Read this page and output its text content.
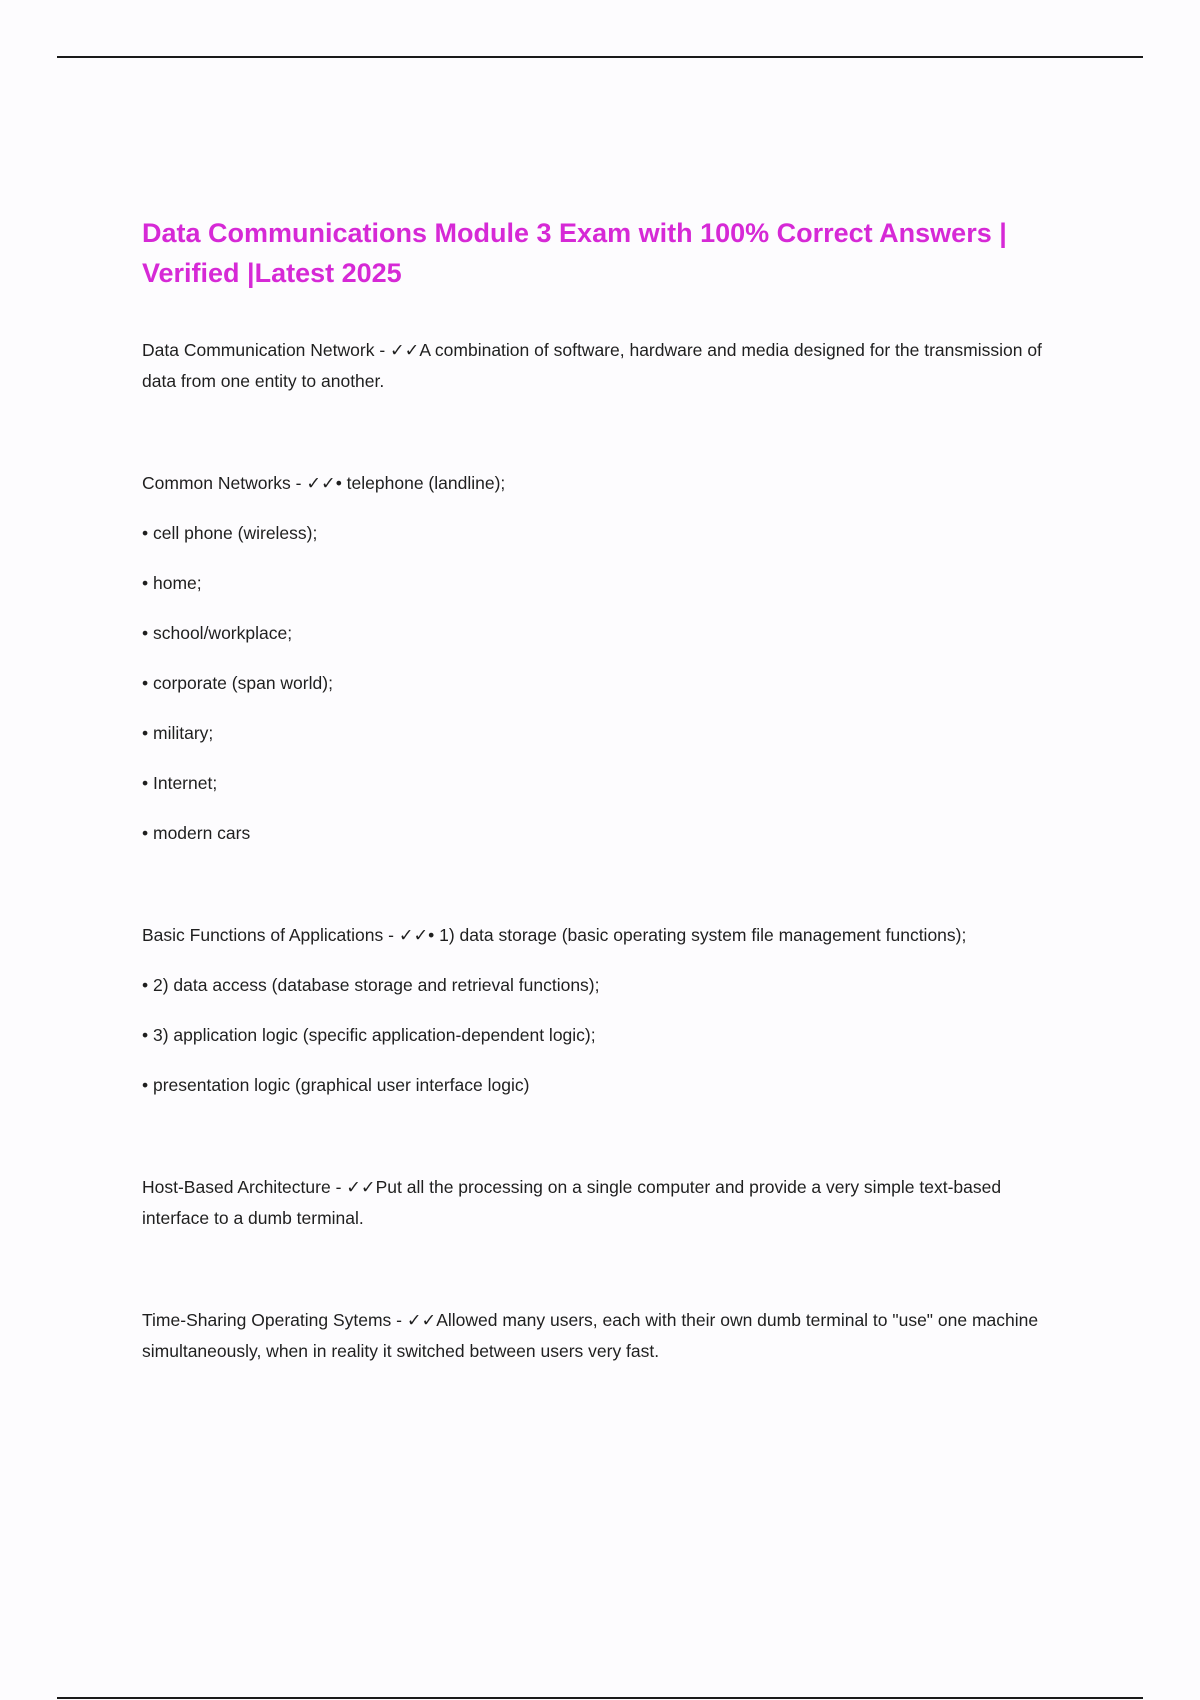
Data Communications Module 3 Exam with 100% Correct Answers |
Verified |Latest 2025

Data Communication Network - ✓✓A combination of software, hardware and media designed for the transmission of data from one entity to another.

Common Networks - ✓✓• telephone (landline);

• cell phone (wireless);

• home;

• school/workplace;

• corporate (span world);

• military;

• Internet;

• modern cars

Basic Functions of Applications - ✓✓• 1) data storage (basic operating system file management functions);

• 2) data access (database storage and retrieval functions);

• 3) application logic (specific application-dependent logic);

• presentation logic (graphical user interface logic)

Host-Based Architecture - ✓✓Put all the processing on a single computer and provide a very simple text-based interface to a dumb terminal.

Time-Sharing Operating Sytems - ✓✓Allowed many users, each with their own dumb terminal to "use" one machine simultaneously, when in reality it switched between users very fast.
